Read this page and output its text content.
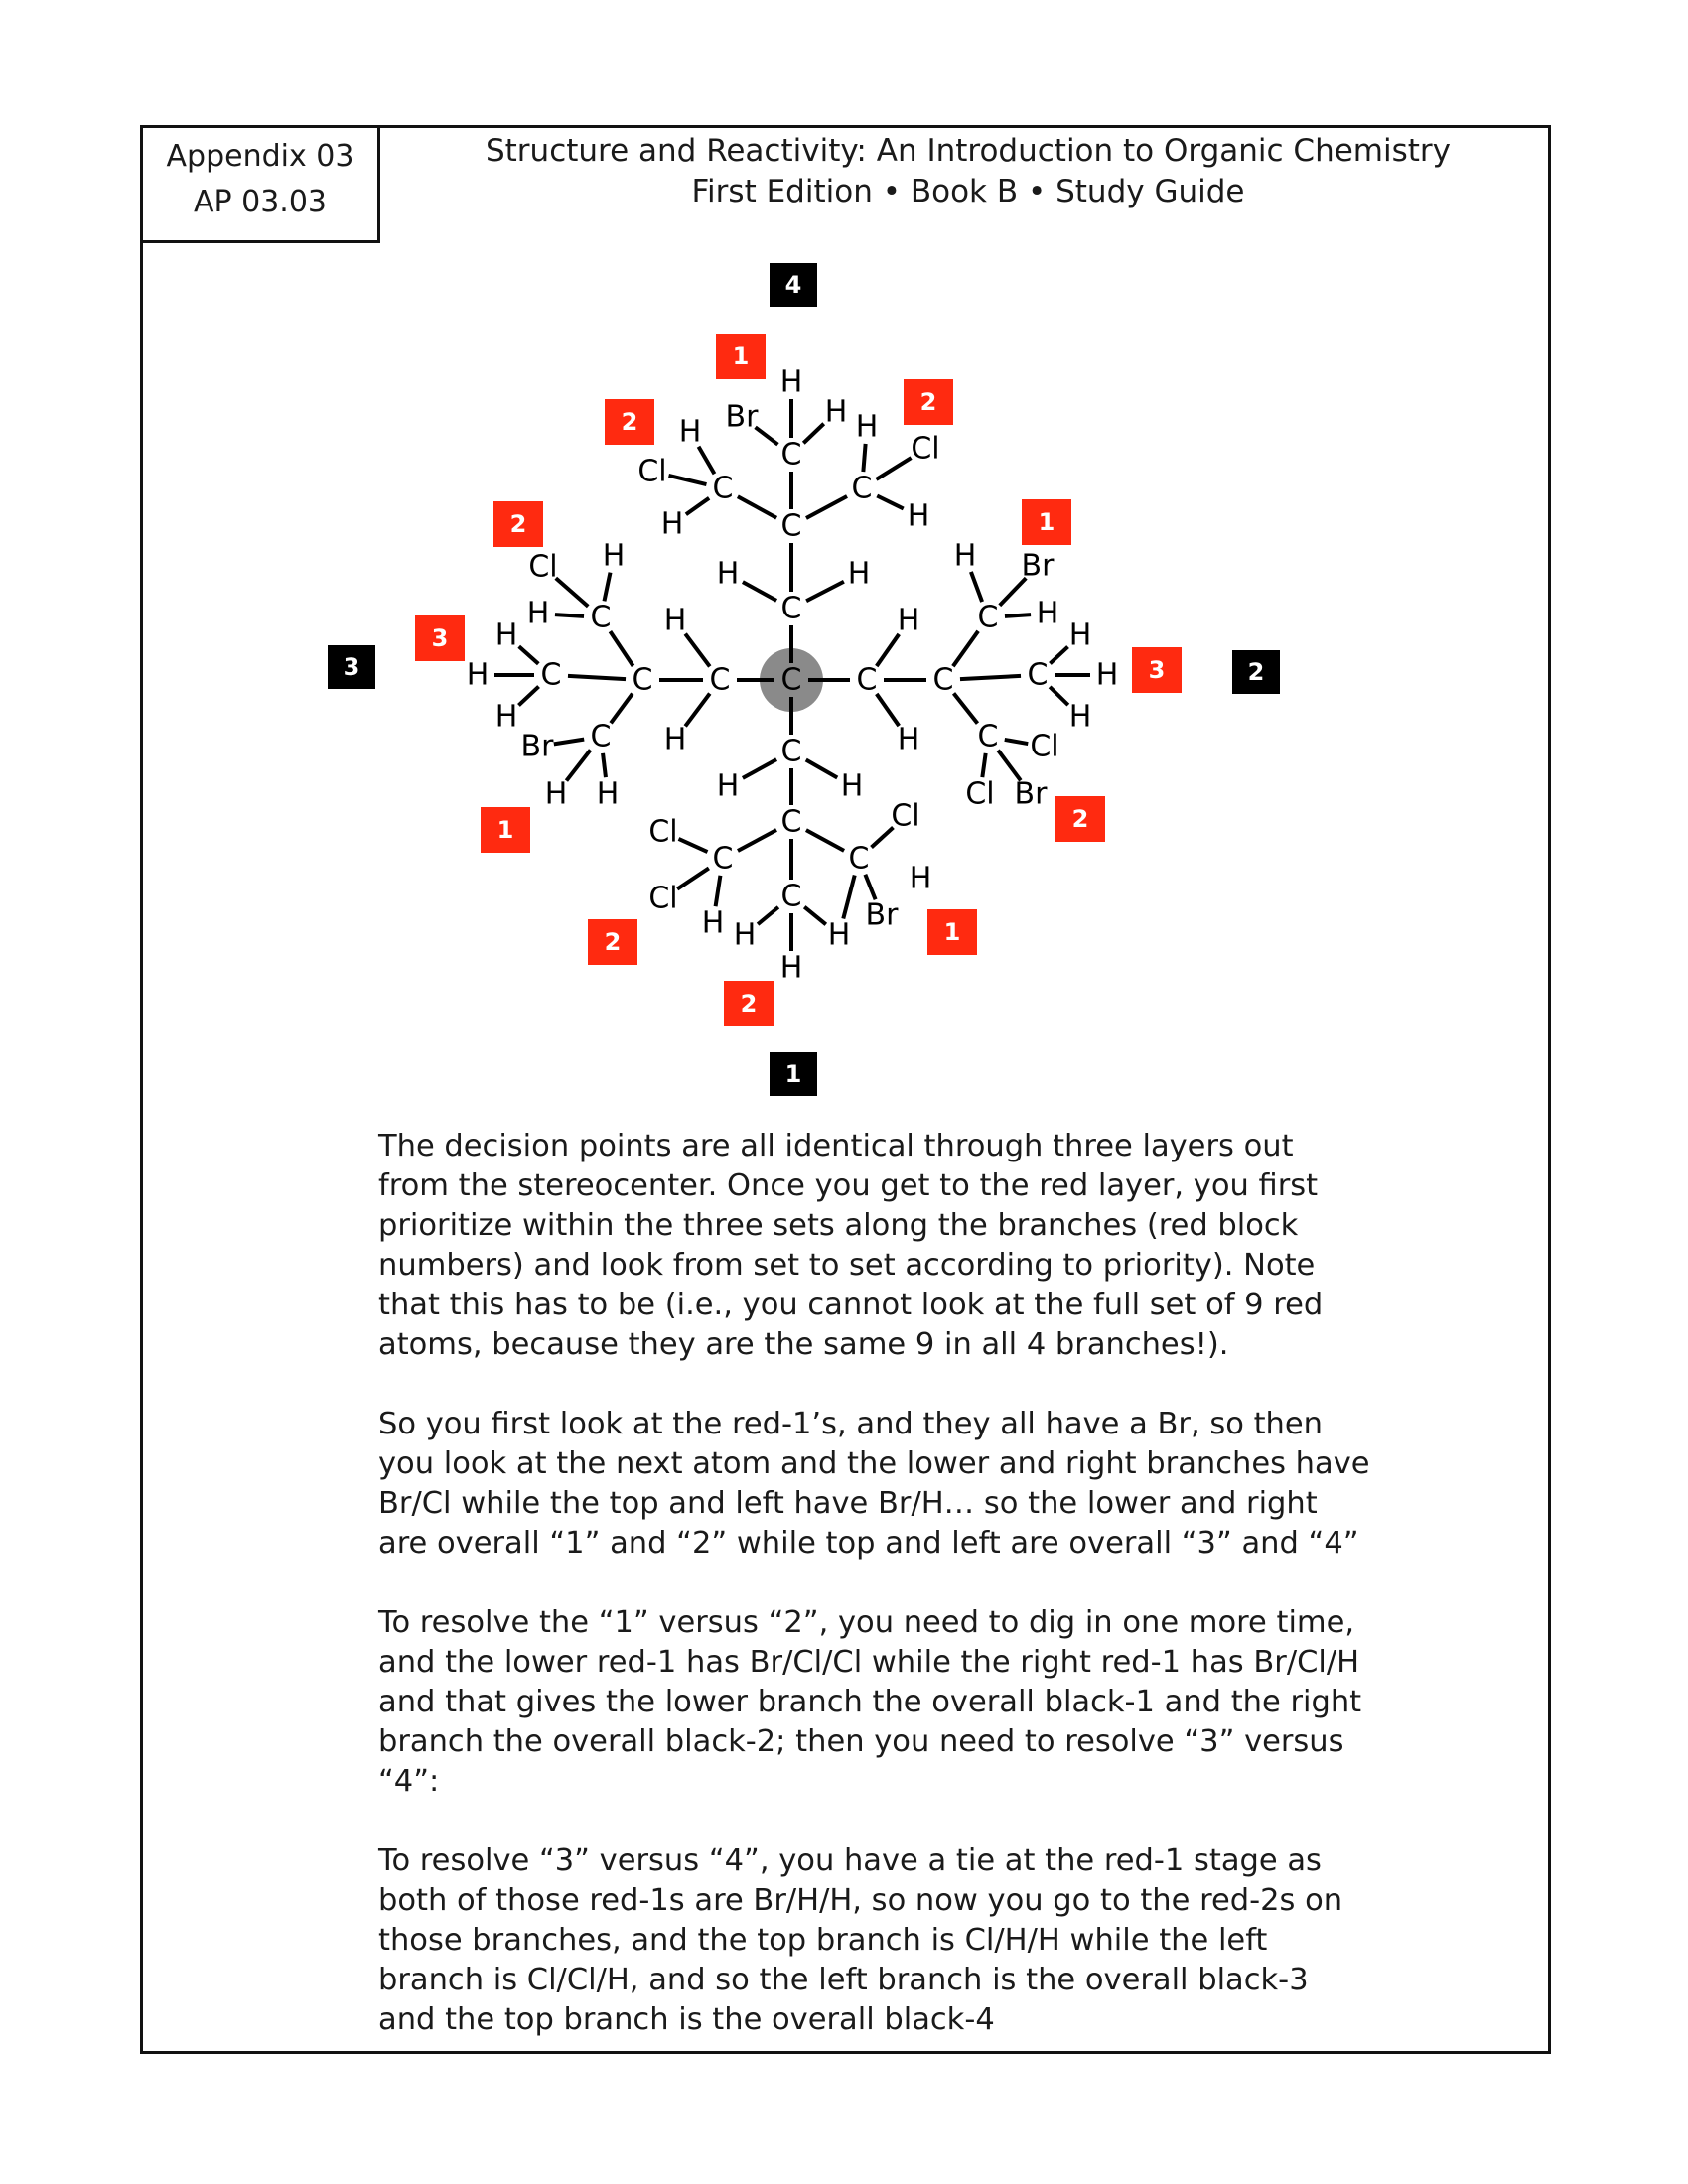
Appendix 03
AP 03.03
Structure and Reactivity: An Introduction to Organic Chemistry
First Edition • Book B • Study Guide
C
C
H	H
C
C
H
Br H
C
H
Cl
H
C
H
Cl
H
C
H
H
C
C
H
Br
H
C
H
Cl H
C
H
H
H
C
H	H
C
C
Br
H
H
C
Cl
H
H
C
Cl
Cl
H
C
H
H
C
C
Br
H
H
C Cl
Cl Br
C
H
H
H
1
2
2
2
3
1
1
3
2
2	1
2
4
3	2
1

The decision points are all identical through three layers out from the stereocenter. Once you get to the red layer, you first prioritize within the three sets along the branches (red block numbers) and look from set to set according to priority). Note that this has to be (i.e., you cannot look at the full set of 9 red atoms, because they are the same 9 in all 4 branches!).

So you first look at the red-1’s, and they all have a Br, so then you look at the next atom and the lower and right branches have Br/Cl while the top and left have Br/H… so the lower and right are overall “1” and “2” while top and left are overall “3” and “4”

To resolve the “1” versus “2”, you need to dig in one more time, and the lower red-1 has Br/Cl/Cl while the right red-1 has Br/Cl/H and that gives the lower branch the overall black-1 and the right branch the overall black-2; then you need to resolve “3” versus “4”:

To resolve “3” versus “4”, you have a tie at the red-1 stage as both of those red-1s are Br/H/H, so now you go to the red-2s on those branches, and the top branch is Cl/H/H while the left branch is Cl/Cl/H, and so the left branch is the overall black-3 and the top branch is the overall black-4
